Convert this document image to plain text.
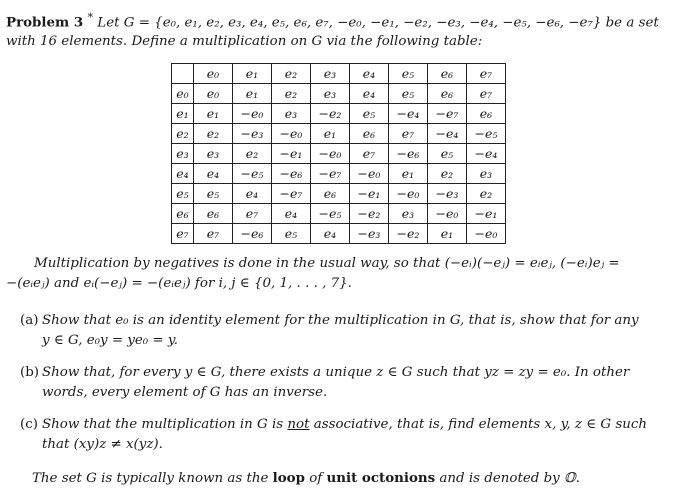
Problem 3 * Let G = {e₀, e₁, e₂, e₃, e₄, e₅, e₆, e₇, −e₀, −e₁, −e₂, −e₃, −e₄, −e₅, −e₆, −e₇} be a set
with 16 elements. Define a multiplication on G via the following table:
	e₀	e₁	e₂	e₃	e₄	e₅	e₆	e₇
e₀	e₀	e₁	e₂	e₃	e₄	e₅	e₆	e₇
e₁	e₁	−e₀	e₃	−e₂	e₅	−e₄	−e₇	e₆
e₂	e₂	−e₃	−e₀	e₁	e₆	e₇	−e₄	−e₅
e₃	e₃	e₂	−e₁	−e₀	e₇	−e₆	e₅	−e₄
e₄	e₄	−e₅	−e₆	−e₇	−e₀	e₁	e₂	e₃
e₅	e₅	e₄	−e₇	e₆	−e₁	−e₀	−e₃	e₂
e₆	e₆	e₇	e₄	−e₅	−e₂	e₃	−e₀	−e₁
e₇	e₇	−e₆	e₅	e₄	−e₃	−e₂	e₁	−e₀
Multiplication by negatives is done in the usual way, so that (−eᵢ)(−eⱼ) = eᵢeⱼ, (−eᵢ)eⱼ =
−(eᵢeⱼ) and eᵢ(−eⱼ) = −(eᵢeⱼ) for i, j ∈ {0, 1, . . . , 7}.
(a) Show that e₀ is an identity element for the multiplication in G, that is, show that for any
y ∈ G, e₀y = ye₀ = y.
(b) Show that, for every y ∈ G, there exists a unique z ∈ G such that yz = zy = e₀. In other
words, every element of G has an inverse.
(c) Show that the multiplication in G is not associative, that is, find elements x, y, z ∈ G such
that (xy)z ≠ x(yz).
The set G is typically known as the loop of unit octonions and is denoted by 𝕆.
